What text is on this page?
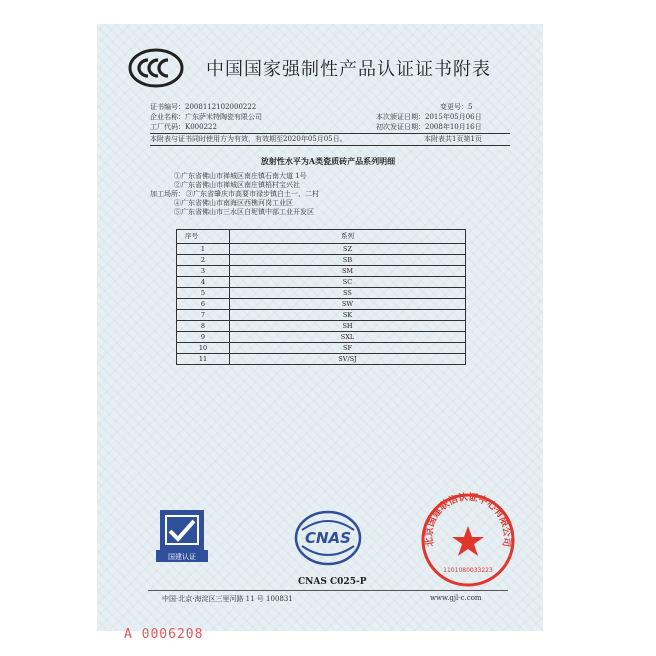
中国国家强制性产品认证证书附表
证书编号：2008112102000222
企业名称：广东萨米特陶瓷有限公司
工厂代码：K000222
变更号：5
本次颁证日期：2015年05月06日
初次发证日期：2008年10月16日
本附表与证书同时使用方为有效，有效期至2020年05月05日。	本附表共1页第1页
放射性水平为A类瓷质砖产品系列明细
①广东省佛山市禅城区南庄镇石南大道 1号
②广东省佛山市禅城区南庄镇梧村宝兴社
加工场所： ③广东省肇庆市高要市禄步镇白土一、二村
④广东省佛山市南海区西樵河岗工业区
⑤广东省佛山市三水区白坭镇中部工业开发区
序号	系列
1	SZ
2	SB
3	SM
4	SC
5	SS
6	SW
7	SK
8	SH
9	SXL
10	SF
11	SV/SJ
国建认证
CNAS
CNAS C025-P
北京国建联信认证中心有限公司
1101080033223
中国·北京·海淀区三里河路 11 号 100831	www.gjl-c.com
A 0006208
